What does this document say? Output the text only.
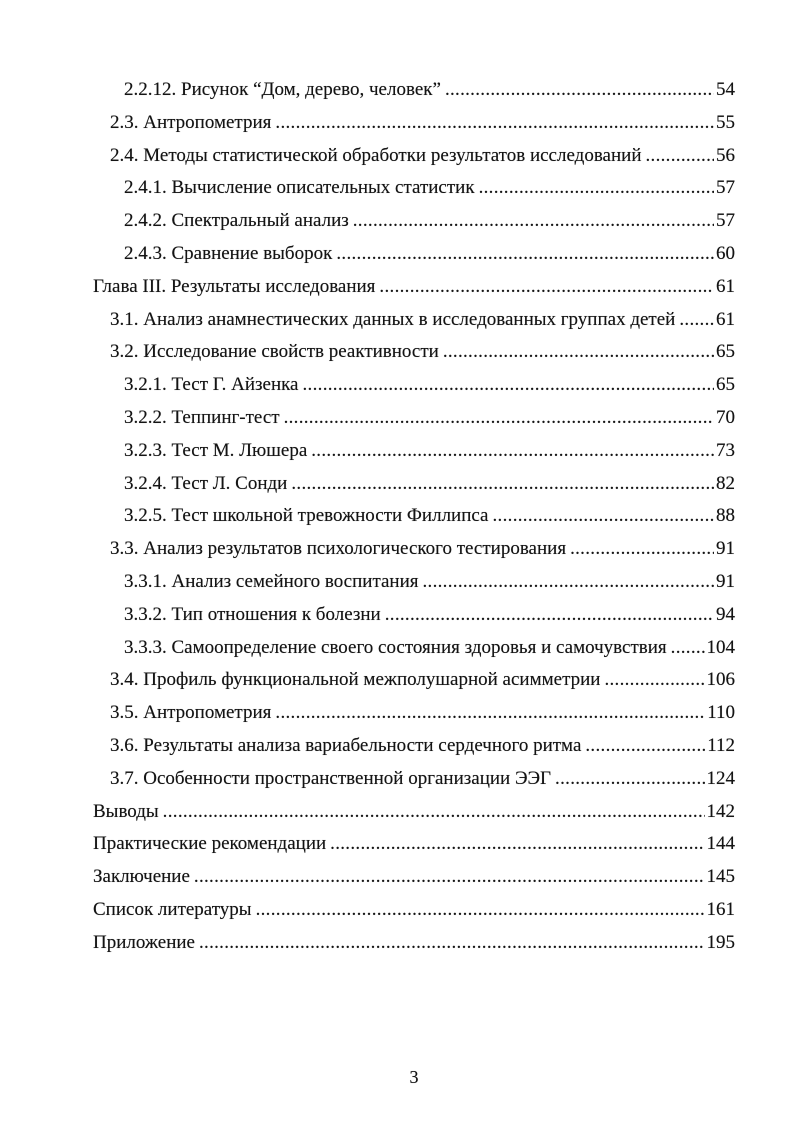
2.2.12. Рисунок “Дом, дерево, человек” .....	54
2.3. Антропометрия .....	55
2.4. Методы статистической обработки результатов исследований .....	56
2.4.1. Вычисление описательных статистик .....	57
2.4.2. Спектральный анализ .....	57
2.4.3. Сравнение выборок .....	60
Глава III. Результаты исследования .....	61
3.1. Анализ анамнестических данных в исследованных группах детей ..... 61
3.2. Исследование свойств реактивности .....	65
3.2.1. Тест Г. Айзенка .....	65
3.2.2. Теппинг-тест .....	70
3.2.3. Тест М. Люшера .....	73
3.2.4. Тест Л. Сонди .....	82
3.2.5. Тест школьной тревожности Филлипса .....	88
3.3. Анализ результатов психологического тестирования .....	91
3.3.1. Анализ семейного воспитания .....	91
3.3.2. Тип отношения к болезни .....	94
3.3.3. Самоопределение своего состояния здоровья и самочувствия ..... 104
3.4. Профиль функциональной межполушарной асимметрии .....	106
3.5. Антропометрия .....	110
3.6. Результаты анализа вариабельности сердечного ритма .....	112
3.7. Особенности пространственной организации ЭЭГ .....	124
Выводы .....	142
Практические рекомендации .....	144
Заключение .....	145
Список литературы .....	161
Приложение .....	195
3
